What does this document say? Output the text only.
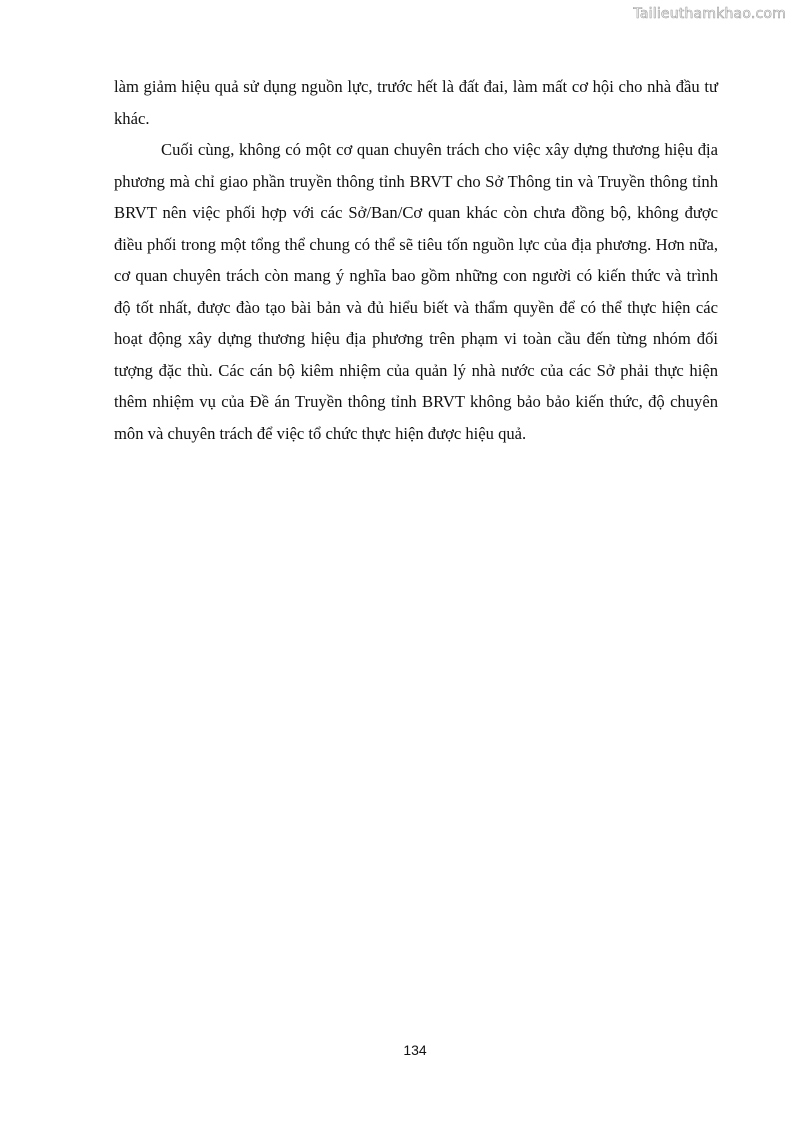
Tailieuthamkhao.com

làm giảm hiệu quả sử dụng nguồn lực, trước hết là đất đai, làm mất cơ hội cho nhà đầu tư khác.

Cuối cùng, không có một cơ quan chuyên trách cho việc xây dựng thương hiệu địa phương mà chỉ giao phần truyền thông tỉnh BRVT cho Sở Thông tin và Truyền thông tỉnh BRVT nên việc phối hợp với các Sở/Ban/Cơ quan khác còn chưa đồng bộ, không được điều phối trong một tổng thể chung có thể sẽ tiêu tốn nguồn lực của địa phương. Hơn nữa, cơ quan chuyên trách còn mang ý nghĩa bao gồm những con người có kiến thức và trình độ tốt nhất, được đào tạo bài bản và đủ hiểu biết và thẩm quyền để có thể thực hiện các hoạt động xây dựng thương hiệu địa phương trên phạm vi toàn cầu đến từng nhóm đối tượng đặc thù. Các cán bộ kiêm nhiệm của quản lý nhà nước của các Sở phải thực hiện thêm nhiệm vụ của Đề án Truyền thông tỉnh BRVT không bảo bảo kiến thức, độ chuyên môn và chuyên trách để việc tổ chức thực hiện được hiệu quả.

134
